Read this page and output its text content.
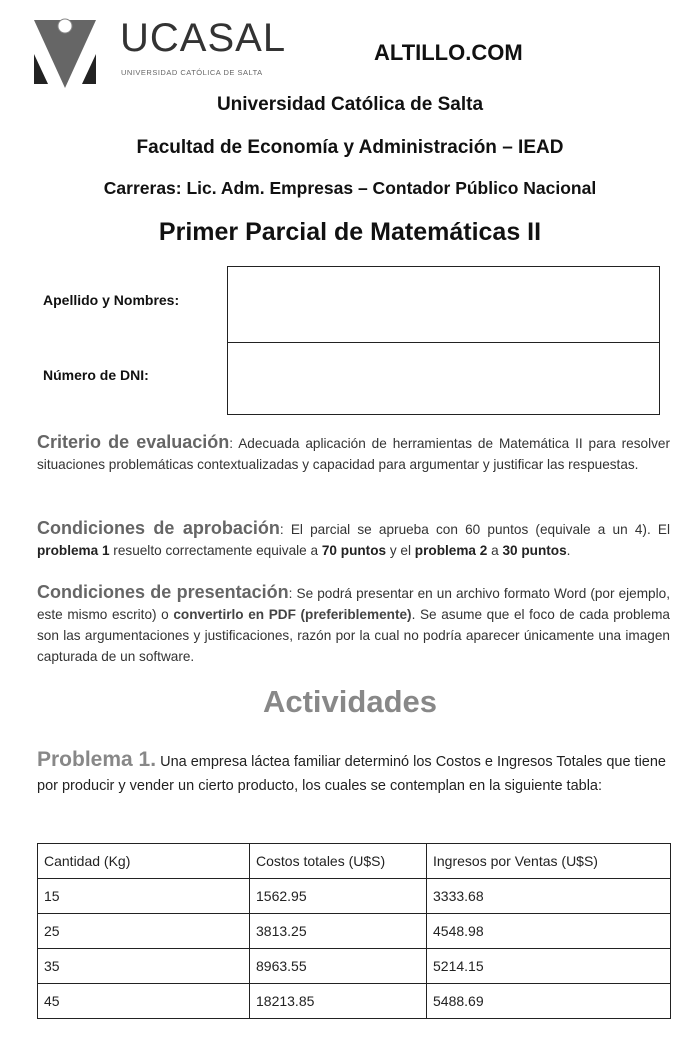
UCASAL
UNIVERSIDAD CATÓLICA DE SALTA
ALTILLO.COM
Universidad Católica de Salta
Facultad de Economía y Administración – IEAD
Carreras: Lic. Adm. Empresas – Contador Público Nacional
Primer Parcial de Matemáticas II
Apellido y Nombres:
Número de DNI:
Criterio de evaluación: Adecuada aplicación de herramientas de Matemática II para resolver situaciones problemáticas contextualizadas y capacidad para argumentar y justificar las respuestas.
Condiciones de aprobación: El parcial se aprueba con 60 puntos (equivale a un 4). El problema 1 resuelto correctamente equivale a 70 puntos y el problema 2 a 30 puntos.
Condiciones de presentación: Se podrá presentar en un archivo formato Word (por ejemplo, este mismo escrito) o convertirlo en PDF (preferiblemente). Se asume que el foco de cada problema son las argumentaciones y justificaciones, razón por la cual no podría aparecer únicamente una imagen capturada de un software.
Actividades
Problema 1. Una empresa láctea familiar determinó los Costos e Ingresos Totales que tiene por producir y vender un cierto producto, los cuales se contemplan en la siguiente tabla:
Cantidad (Kg)	Costos totales (U$S)	Ingresos por Ventas (U$S)
15	1562.95	3333.68
25	3813.25	4548.98
35	8963.55	5214.15
45	18213.85	5488.69
